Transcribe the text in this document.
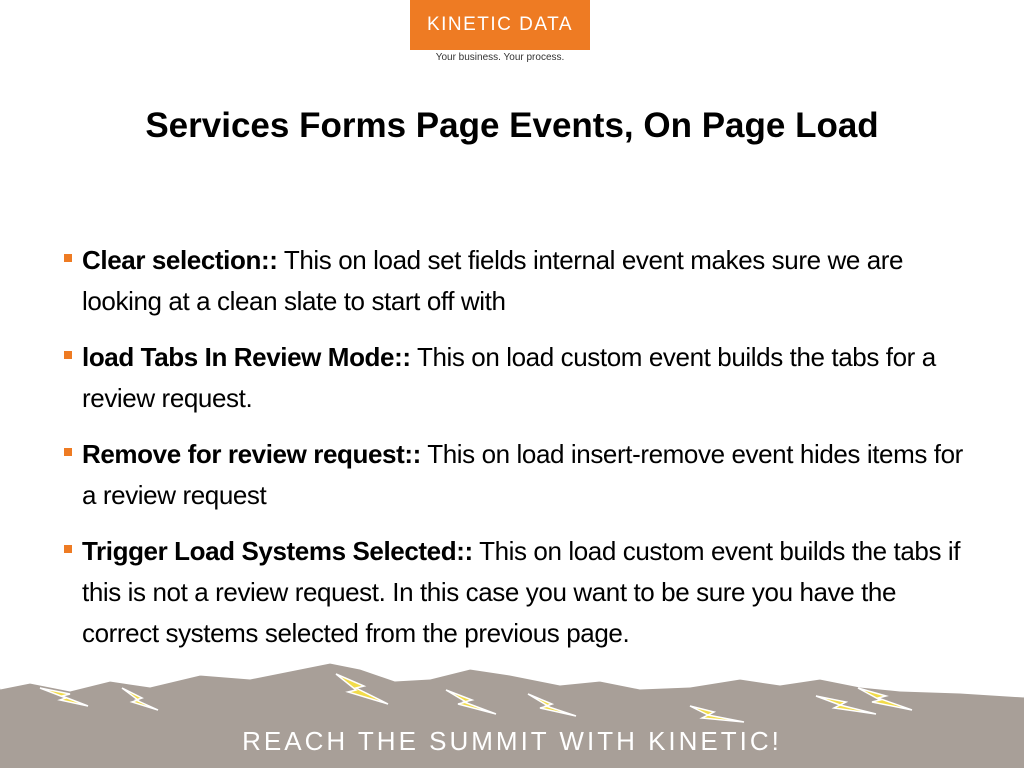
KINETIC DATA
Your business. Your process.
Services Forms Page Events, On Page Load
Clear selection:: This on load set fields internal event makes sure we are looking at a clean slate to start off with
load Tabs In Review Mode:: This on load custom event builds the tabs for a review request.
Remove for review request:: This on load insert-remove event hides items for a review request
Trigger Load Systems Selected:: This on load custom event builds the tabs if this is not a review request. In this case you want to be sure you have the correct systems selected from the previous page.
REACH THE SUMMIT WITH KINETIC!
